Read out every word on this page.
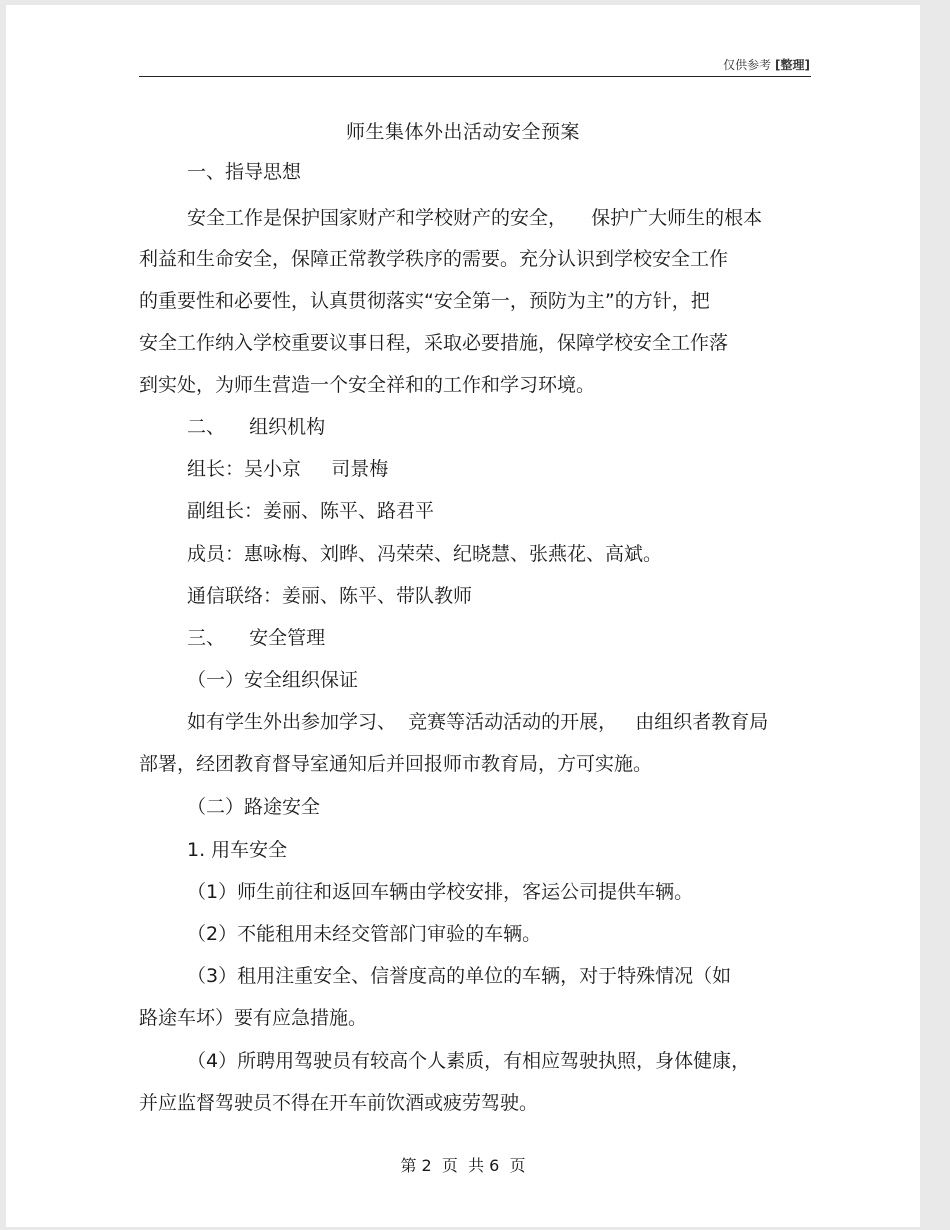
仅供参考 [整理]
师生集体外出活动安全预案
一、指导思想
安全工作是保护国家财产和学校财产的安全，    保护广大师生的根本
利益和生命安全，保障正常教学秩序的需要。充分认识到学校安全工作
的重要性和必要性，认真贯彻落实“安全第一，预防为主”的方针，把
安全工作纳入学校重要议事日程，采取必要措施，保障学校安全工作落
到实处，为师生营造一个安全祥和的工作和学习环境。
二、    组织机构
组长：吴小京     司景梅
副组长：姜丽、陈平、路君平
成员：惠咏梅、刘晔、冯荣荣、纪晓慧、张燕花、高斌。
通信联络：姜丽、陈平、带队教师
三、    安全管理
（一）安全组织保证
如有学生外出参加学习、  竞赛等活动活动的开展，   由组织者教育局
部署，经团教育督导室通知后并回报师市教育局，方可实施。
（二）路途安全
1. 用车安全
（1）师生前往和返回车辆由学校安排，客运公司提供车辆。
（2）不能租用未经交管部门审验的车辆。
（3）租用注重安全、信誉度高的单位的车辆，对于特殊情况（如
路途车坏）要有应急措施。
（4）所聘用驾驶员有较高个人素质，有相应驾驶执照，身体健康，
并应监督驾驶员不得在开车前饮酒或疲劳驾驶。
第 2  页  共 6  页
